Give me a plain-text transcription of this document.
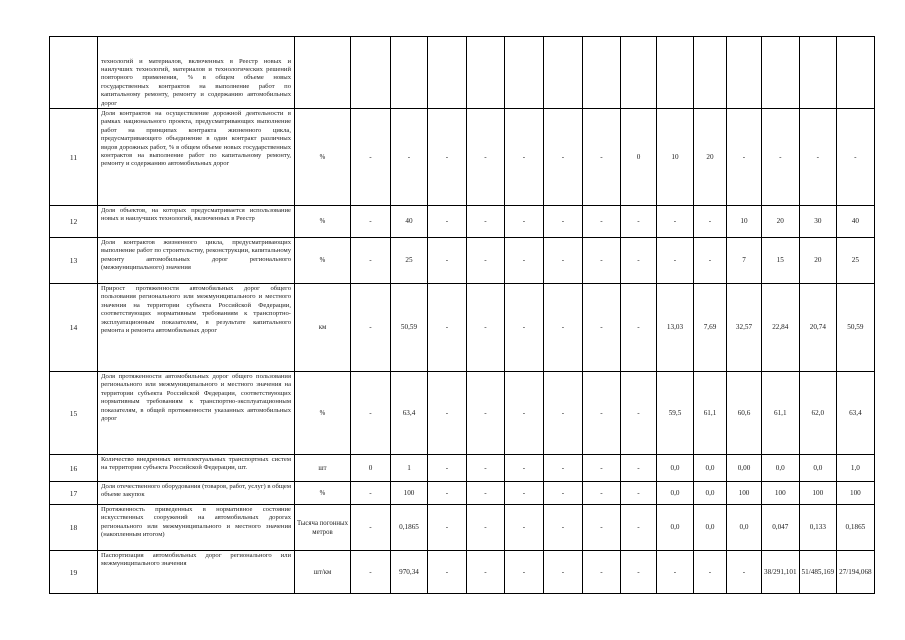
	технологий и материалов, включенных в Реестр новых и наилучших технологий, материалов и технологических решений повторного применения, % в общем объеме новых государственных контрактов на выполнение работ по капитальному ремонту, ремонту и содержанию автомобильных дорог															
11	Доля контрактов на осуществление дорожной деятельности в рамках национального проекта, предусматривающих выполнение работ на принципах контракта жизненного цикла, предусматривающего объединение в один контракт различных видов дорожных работ, % в общем объеме новых государственных контрактов на выполнение работ по капитальному ремонту, ремонту и содержанию автомобильных дорог	%	-	-	-	-	-	-	-	0	10	20	-	-	-	-
12	Доля объектов, на которых предусматривается использование новых и наилучших технологий, включенных в Реестр	%	-	40	-	-	-	-	-	-	-	-	10	20	30	40
13	Доля контрактов жизненного цикла, предусматривающих выполнение работ по строительству, реконструкции, капитальному ремонту автомобильных дорог регионального (межмуниципального) значения	%	-	25	-	-	-	-	-	-	-	-	7	15	20	25
14	Прирост протяженности автомобильных дорог общего пользования регионального или межмуниципального и местного значения на территории субъекта Российской Федерации, соответствующих нормативным требованиям к транспортно-эксплуатационным показателям, в результате капитального ремонта и ремонта автомобильных дорог	км	-	50,59	-	-	-	-	-	-	13,03	7,69	32,57	22,84	20,74	50,59
15	Доля протяженности автомобильных дорог общего пользования регионального или межмуниципального и местного значения на территории субъекта Российской Федерации, соответствующих нормативным требованиям к транспортно-эксплуатационным показателям, в общей протяженности указанных автомобильных дорог	%	-	63,4	-	-	-	-	-	-	59,5	61,1	60,6	61,1	62,0	63,4
16	Количество внедренных интеллектуальных транспортных систем на территории субъекта Российской Федерации, шт.	шт	0	1	-	-	-	-	-	-	0,0	0,0	0,00	0,0	0,0	1,0
17	Доля отечественного оборудования (товаров, работ, услуг) в общем объеме закупок	%	-	100	-	-	-	-	-	-	0,0	0,0	100	100	100	100
18	Протяженность приведенных в нормативное состояние искусственных сооружений на автомобильных дорогах регионального или межмуниципального и местного значения (накопленным итогом)	Тысяча погонных метров	-	0,1865	-	-	-	-	-	-	0,0	0,0	0,0	0,047	0,133	0,1865
19	Паспортизация автомобильных дорог регионального или межмуниципального значения	шт/км	-	970,34	-	-	-	-	-	-	-	-	-	38/291,101	51/485,169	27/194,068
